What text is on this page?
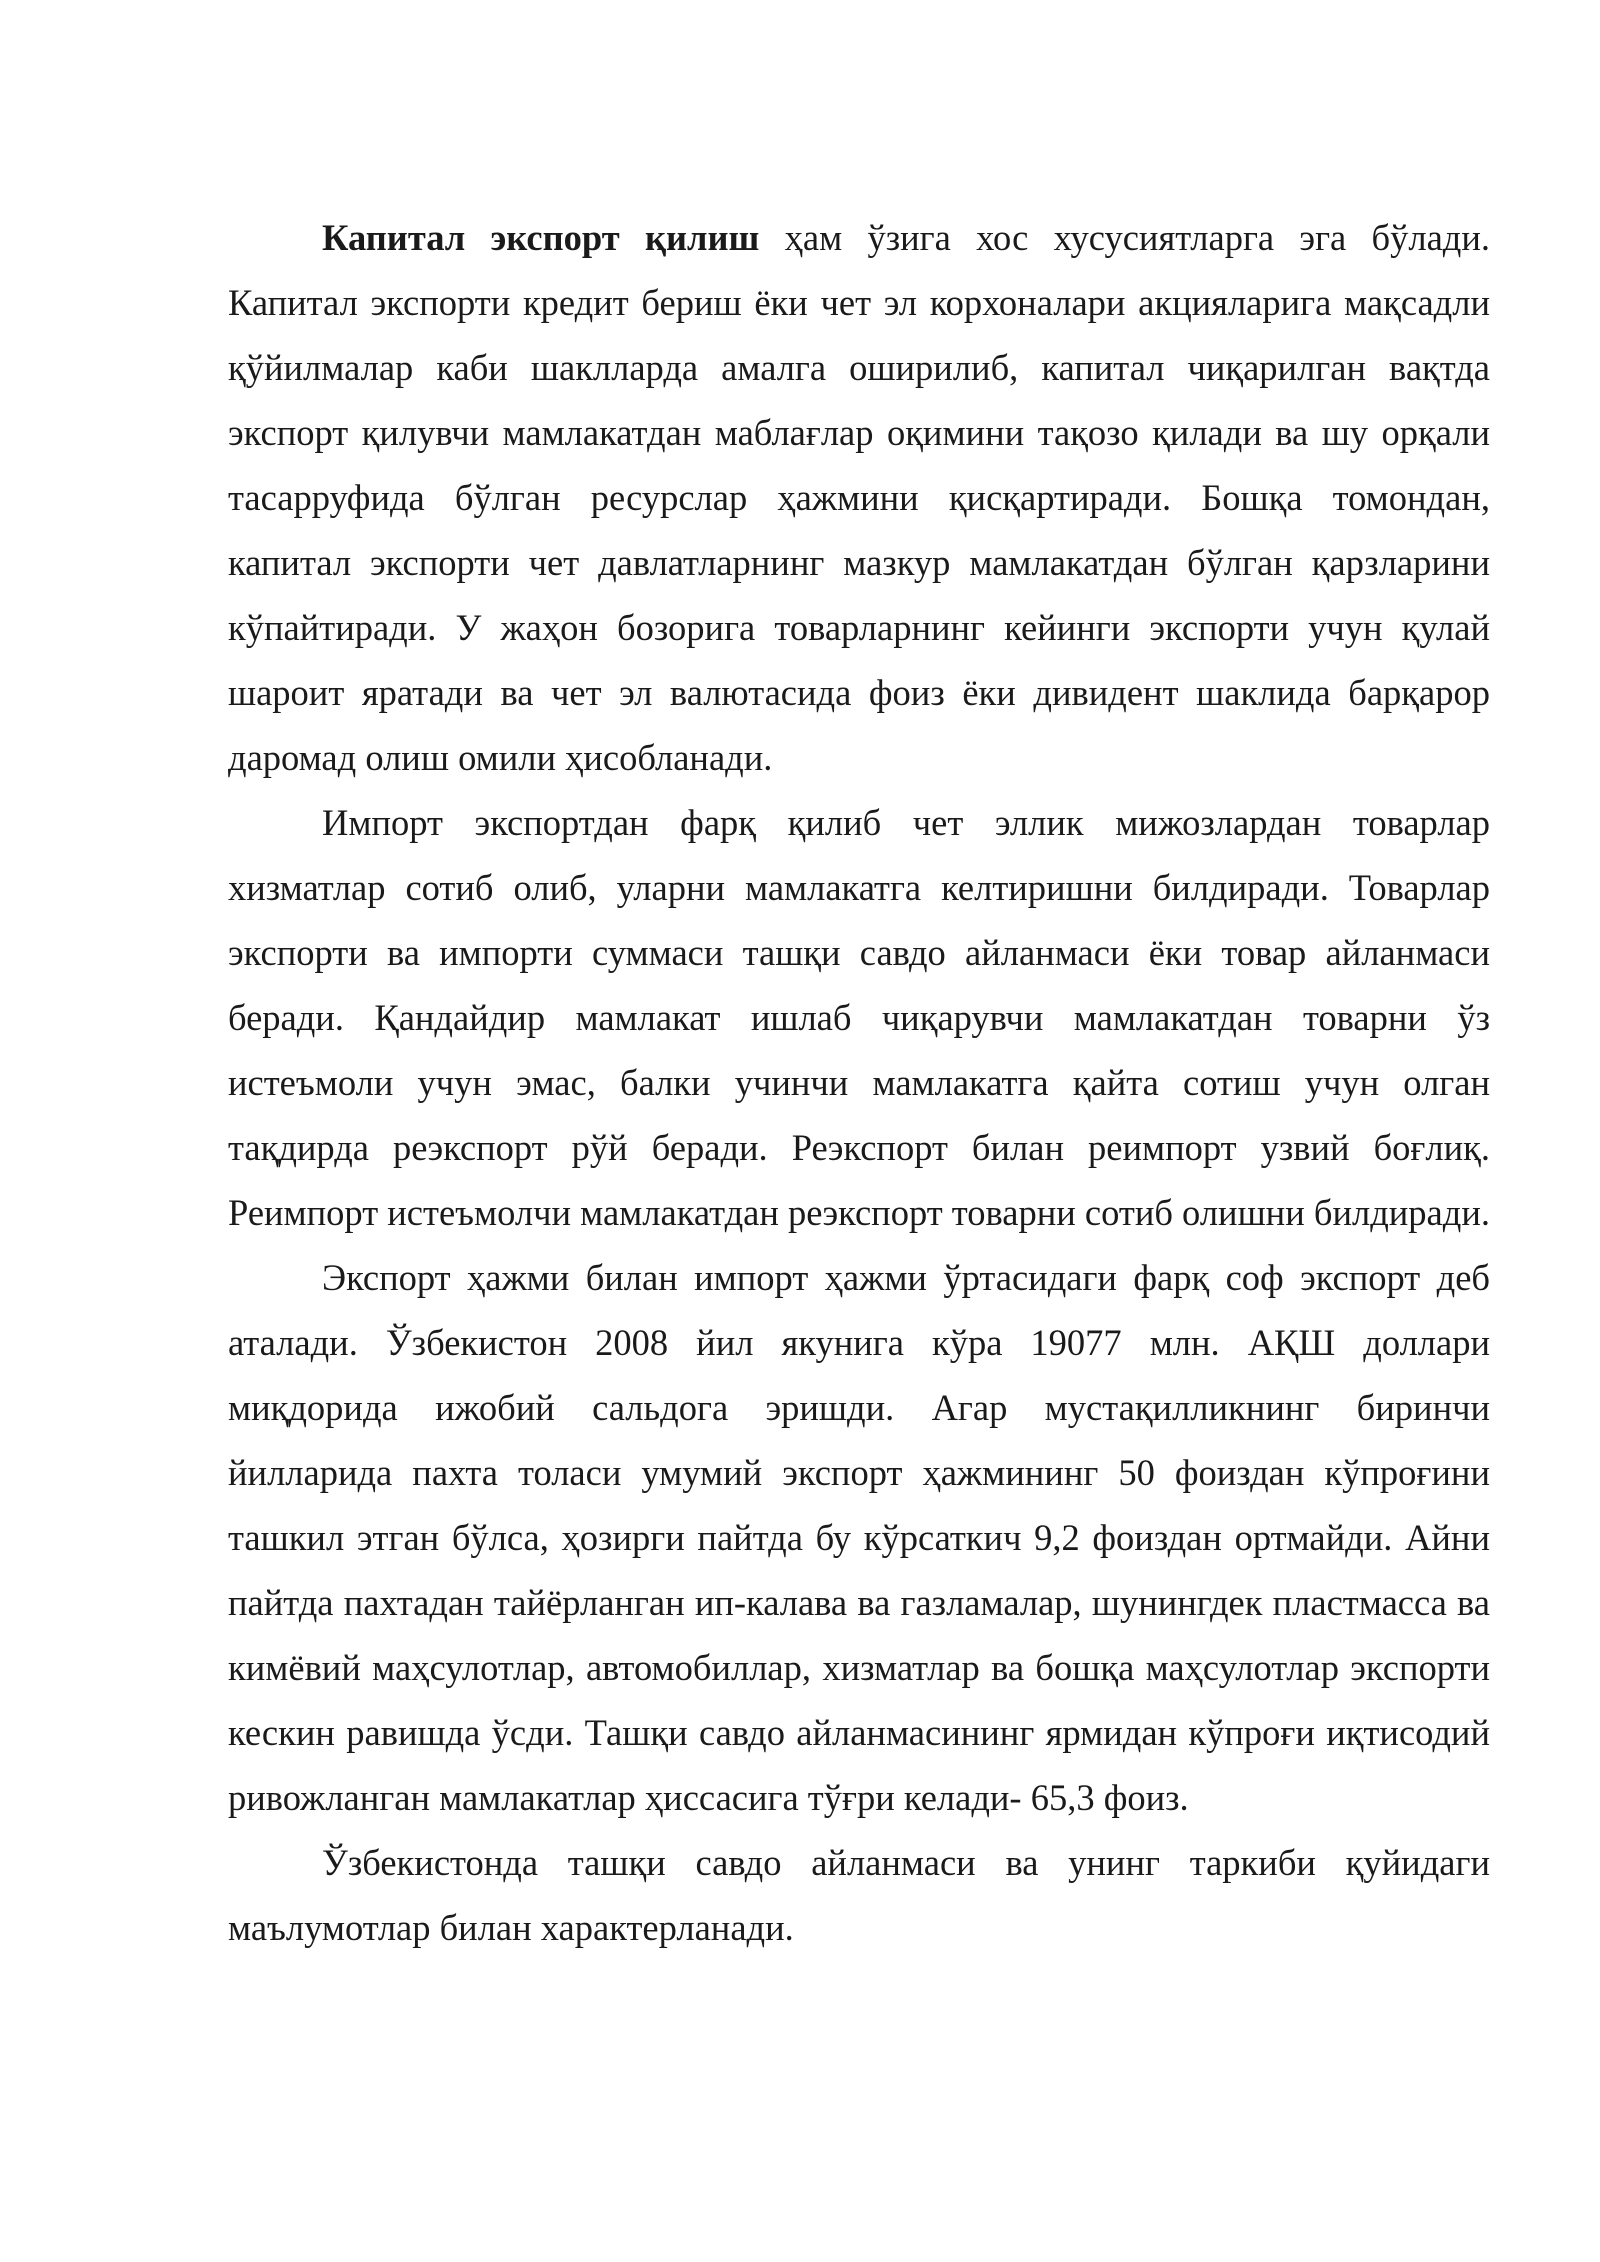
Капитал экспорт қилиш ҳам ўзига хос хусусиятларга эга бўлади. Капитал экспорти кредит бериш ёки чет эл корхоналари акцияларига мақсадли қўйилмалар каби шаклларда амалга оширилиб, капитал чиқарилган вақтда экспорт қилувчи мамлакатдан маблағлар оқимини тақозо қилади ва шу орқали тасарруфида бўлган ресурслар ҳажмини қисқартиради. Бошқа томондан, капитал экспорти чет давлатларнинг мазкур мамлакатдан бўлган қарзларини кўпайтиради. У жаҳон бозорига товарларнинг кейинги экспорти учун қулай шароит яратади ва чет эл валютасида фоиз ёки дивидент шаклида барқарор даромад олиш омили ҳисобланади.

Импорт экспортдан фарқ қилиб чет эллик мижозлардан товарлар хизматлар сотиб олиб, уларни мамлакатга келтиришни билдиради. Товарлар экспорти ва импорти суммаси ташқи савдо айланмаси ёки товар айланмаси беради. Қандайдир мамлакат ишлаб чиқарувчи мамлакатдан товарни ўз истеъмоли учун эмас, балки учинчи мамлакатга қайта сотиш учун олган тақдирда реэкспорт рўй беради. Реэкспорт билан реимпорт узвий боғлиқ. Реимпорт истеъмолчи мамлакатдан реэкспорт товарни сотиб олишни билдиради.

Экспорт ҳажми билан импорт ҳажми ўртасидаги фарқ соф экспорт деб аталади. Ўзбекистон 2008 йил якунига кўра 19077 млн. АҚШ доллари миқдорида ижобий сальдога эришди. Агар мустақилликнинг биринчи йилларида пахта толаси умумий экспорт ҳажмининг 50 фоиздан кўпроғини ташкил этган бўлса, ҳозирги пайтда бу кўрсаткич 9,2 фоиздан ортмайди. Айни пайтда пахтадан тайёрланган ип-калава ва газламалар, шунингдек пластмасса ва кимёвий маҳсулотлар, автомобиллар, хизматлар ва бошқа маҳсулотлар экспорти кескин равишда ўсди. Ташқи савдо айланмасининг ярмидан кўпроғи иқтисодий ривожланган мамлакатлар ҳиссасига тўғри келади- 65,3 фоиз.

Ўзбекистонда ташқи савдо айланмаси ва унинг таркиби қуйидаги маълумотлар билан характерланади.
